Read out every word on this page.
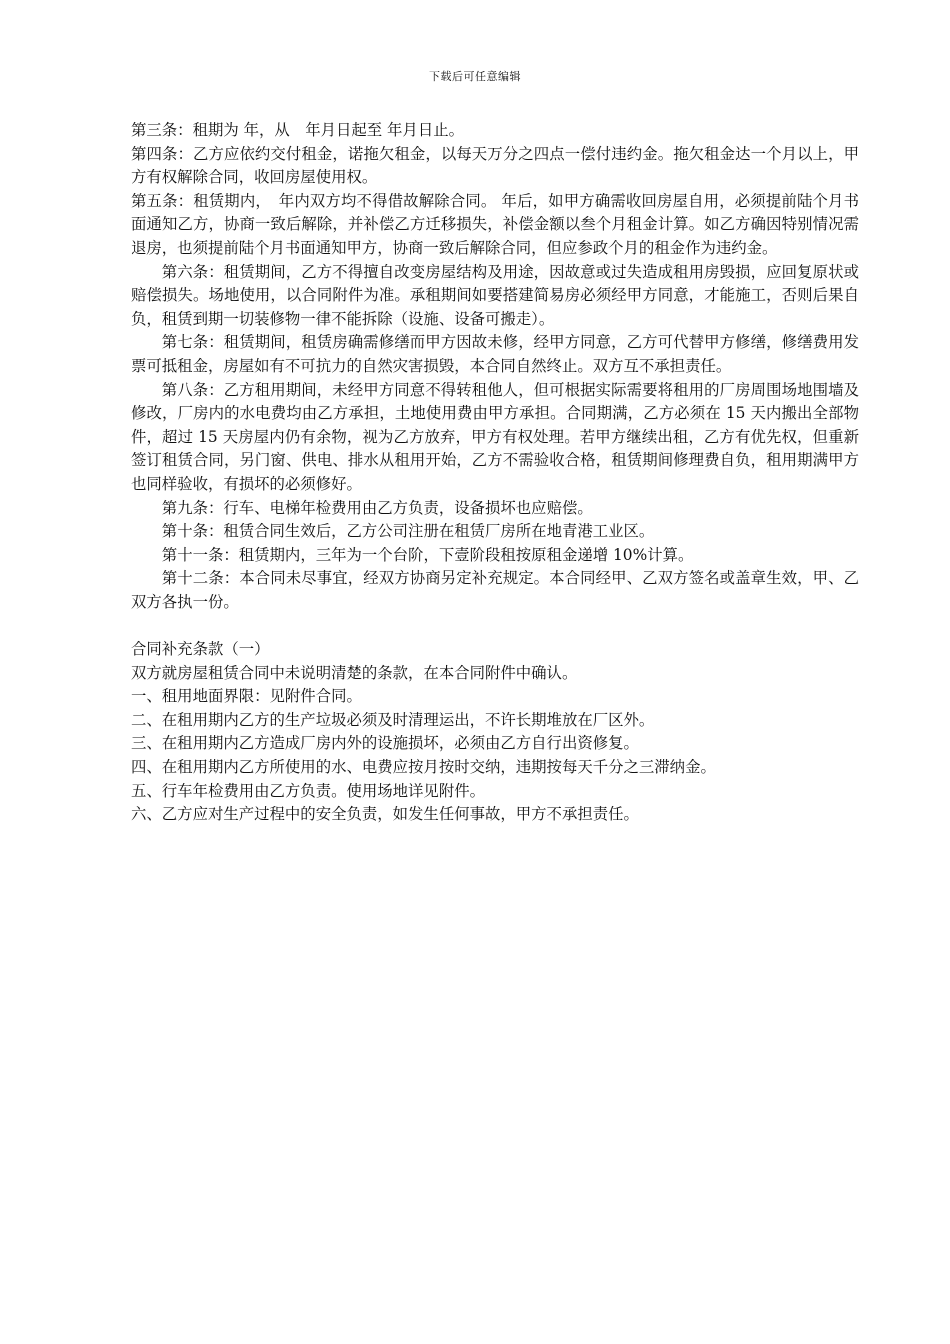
下载后可任意编辑

第三条：租期为 年，从　年月日起至 年月日止。

第四条：乙方应依约交付租金，诺拖欠租金，以每天万分之四点一偿付违约金。拖欠租金达一个月以上，甲方有权解除合同，收回房屋使用权。

第五条：租赁期内，　年内双方均不得借故解除合同。 年后，如甲方确需收回房屋自用，必须提前陆个月书面通知乙方，协商一致后解除，并补偿乙方迁移损失，补偿金额以叁个月租金计算。如乙方确因特别情况需退房，也须提前陆个月书面通知甲方，协商一致后解除合同，但应参政个月的租金作为违约金。

第六条：租赁期间，乙方不得擅自改变房屋结构及用途，因故意或过失造成租用房毁损，应回复原状或赔偿损失。场地使用，以合同附件为准。承租期间如要搭建简易房必须经甲方同意，才能施工，否则后果自负，租赁到期一切装修物一律不能拆除（设施、设备可搬走）。

第七条：租赁期间，租赁房确需修缮而甲方因故未修，经甲方同意，乙方可代替甲方修缮，修缮费用发票可抵租金，房屋如有不可抗力的自然灾害损毁，本合同自然终止。双方互不承担责任。

第八条：乙方租用期间，未经甲方同意不得转租他人，但可根据实际需要将租用的厂房周围场地围墙及修改，厂房内的水电费均由乙方承担，土地使用费由甲方承担。合同期满，乙方必须在 15 天内搬出全部物件，超过 15 天房屋内仍有余物，视为乙方放弃，甲方有权处理。若甲方继续出租，乙方有优先权，但重新签订租赁合同，另门窗、供电、排水从租用开始，乙方不需验收合格，租赁期间修理费自负，租用期满甲方也同样验收，有损坏的必须修好。

第九条：行车、电梯年检费用由乙方负责，设备损坏也应赔偿。

第十条：租赁合同生效后，乙方公司注册在租赁厂房所在地青港工业区。

第十一条：租赁期内，三年为一个台阶，下壹阶段租按原租金递增 10%计算。

第十二条：本合同未尽事宜，经双方协商另定补充规定。本合同经甲、乙双方签名或盖章生效，甲、乙双方各执一份。

合同补充条款（一）

双方就房屋租赁合同中未说明清楚的条款，在本合同附件中确认。

一、租用地面界限：见附件合同。

二、在租用期内乙方的生产垃圾必须及时清理运出，不许长期堆放在厂区外。

三、在租用期内乙方造成厂房内外的设施损坏，必须由乙方自行出资修复。

四、在租用期内乙方所使用的水、电费应按月按时交纳，违期按每天千分之三滞纳金。

五、行车年检费用由乙方负责。使用场地详见附件。

六、乙方应对生产过程中的安全负责，如发生任何事故，甲方不承担责任。
